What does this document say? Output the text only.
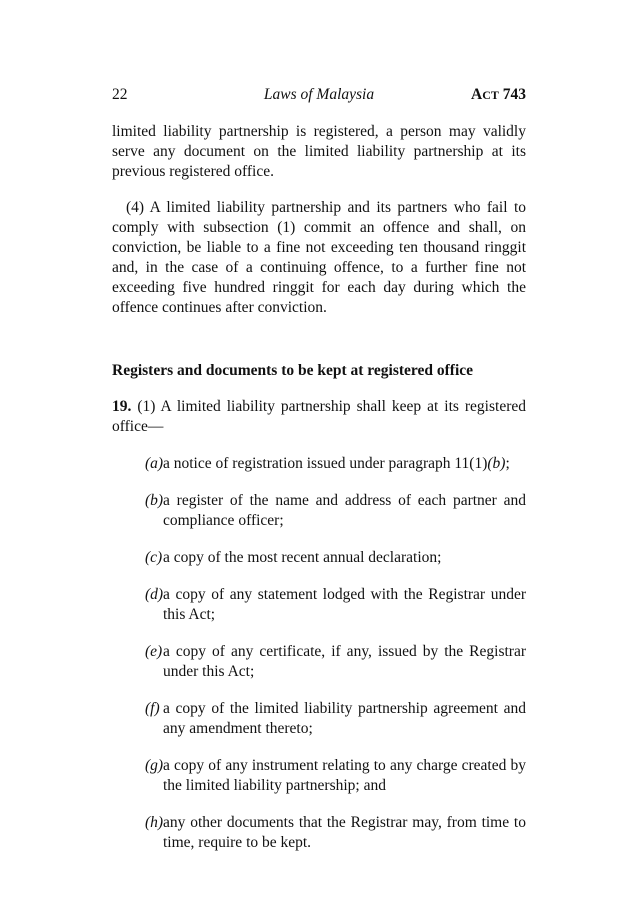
22	Laws of Malaysia	ACT 743

limited liability partnership is registered, a person may validly serve any document on the limited liability partnership at its previous registered office.

(4) A limited liability partnership and its partners who fail to comply with subsection (1) commit an offence and shall, on conviction, be liable to a fine not exceeding ten thousand ringgit and, in the case of a continuing offence, to a further fine not exceeding five hundred ringgit for each day during which the offence continues after conviction.

Registers and documents to be kept at registered office

19. (1) A limited liability partnership shall keep at its registered office—

(a) a notice of registration issued under paragraph 11(1)(b);
(b) a register of the name and address of each partner and compliance officer;
(c) a copy of the most recent annual declaration;
(d) a copy of any statement lodged with the Registrar under this Act;
(e) a copy of any certificate, if any, issued by the Registrar under this Act;
(f) a copy of the limited liability partnership agreement and any amendment thereto;
(g) a copy of any instrument relating to any charge created by the limited liability partnership; and
(h) any other documents that the Registrar may, from time to time, require to be kept.
